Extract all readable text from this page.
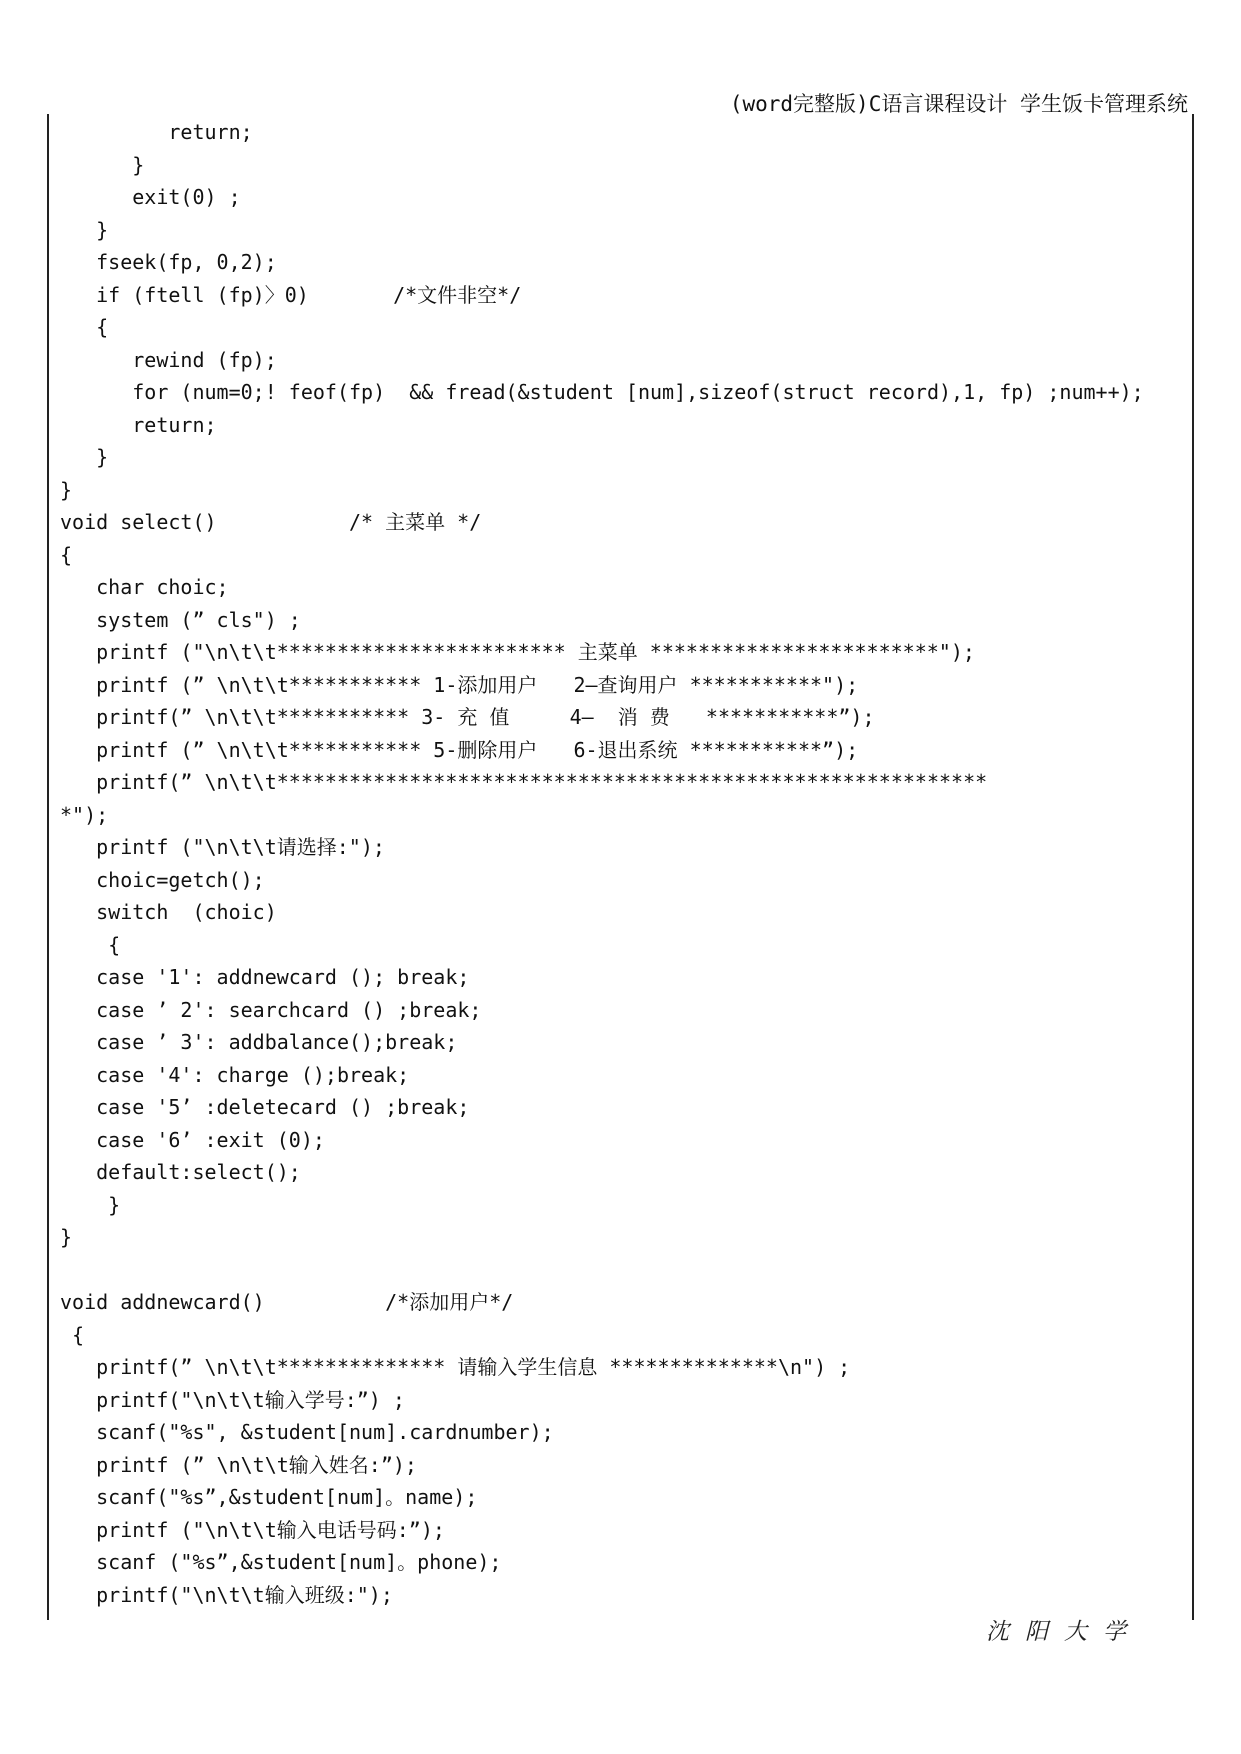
(word完整版)C语言课程设计 学生饭卡管理系统
return;
}
exit(0) ;
}
fseek(fp, 0,2);
if (ftell (fp)〉0)       /*文件非空*/
{
rewind (fp);
for (num=0;! feof(fp)  && fread(&student [num],sizeof(struct record),1, fp) ;num++);
return;
}
}
void select()           /* 主菜单 */
{
char choic;
system (” cls") ;
printf ("\n\t\t************************ 主菜单 ************************");
printf (” \n\t\t*********** 1-添加用户   2—查询用户 ***********");
printf(” \n\t\t*********** 3- 充 值     4—  消 费   ***********”);
printf (” \n\t\t*********** 5-删除用户   6-退出系统 ***********”);
printf(” \n\t\t***********************************************************
*");
printf ("\n\t\t请选择:");
choic=getch();
switch  (choic)
{
case '1': addnewcard (); break;
case ’ 2': searchcard () ;break;
case ’ 3': addbalance();break;
case '4': charge ();break;
case '5’ :deletecard () ;break;
case '6’ :exit (0);
default:select();
}
}
void addnewcard()          /*添加用户*/
{
printf(” \n\t\t************** 请输入学生信息 **************\n") ;
printf("\n\t\t输入学号:”) ;
scanf("%s", &student[num].cardnumber);
printf (” \n\t\t输入姓名:”);
scanf("%s”,&student[num]。name);
printf ("\n\t\t输入电话号码:”);
scanf ("%s”,&student[num]。phone);
printf("\n\t\t输入班级:");
沈阳大学
